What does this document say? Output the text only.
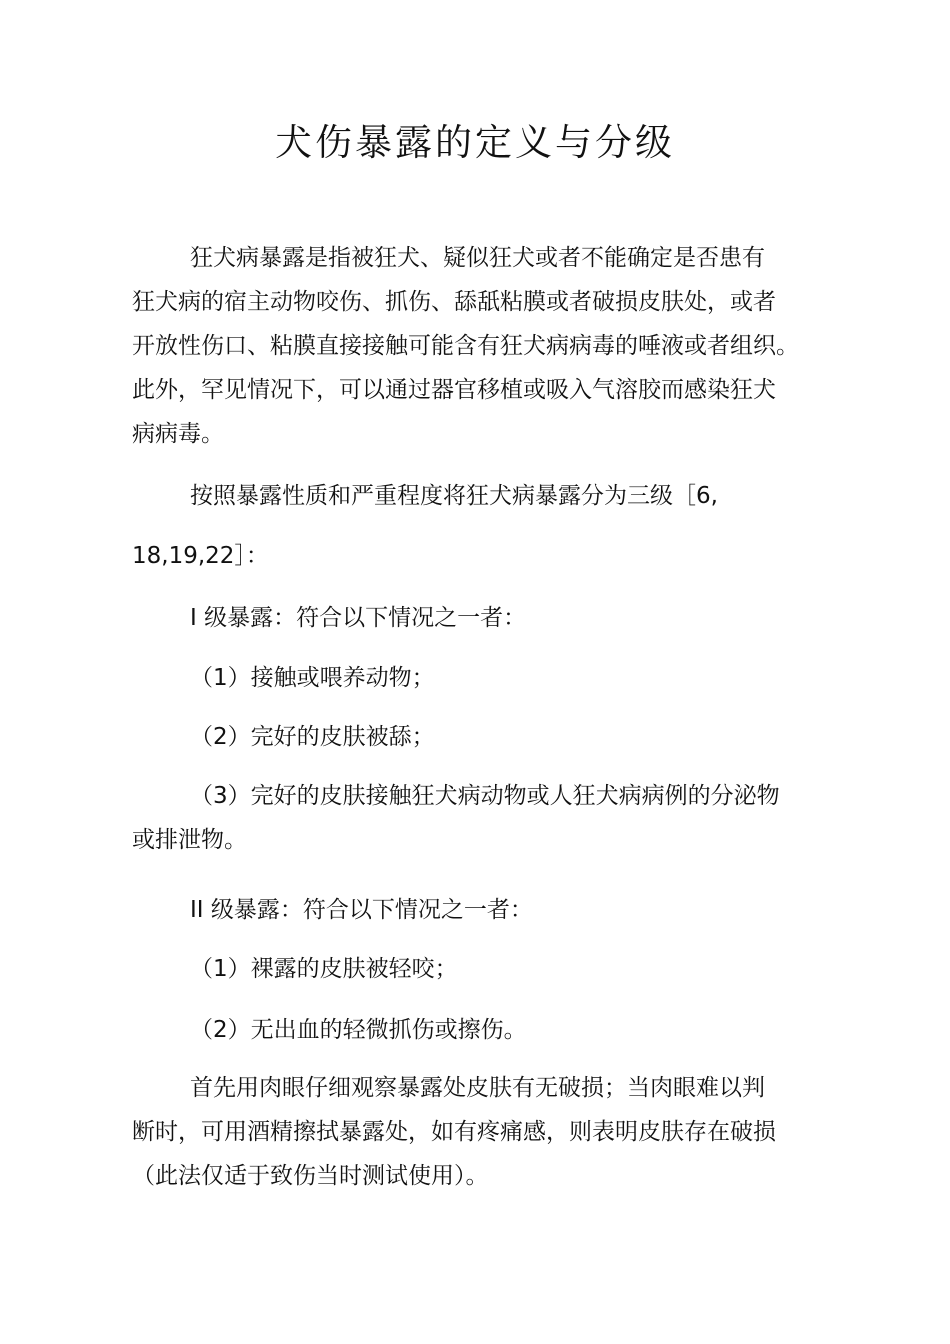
犬伤暴露的定义与分级
狂犬病暴露是指被狂犬、疑似狂犬或者不能确定是否患有
狂犬病的宿主动物咬伤、抓伤、舔舐粘膜或者破损皮肤处，或者
开放性伤口、粘膜直接接触可能含有狂犬病病毒的唾液或者组织。
此外，罕见情况下，可以通过器官移植或吸入气溶胶而感染狂犬
病病毒。
按照暴露性质和严重程度将狂犬病暴露分为三级［6,
18,19,22］：
I 级暴露：符合以下情况之一者：
（1）接触或喂养动物；
（2）完好的皮肤被舔；
（3）完好的皮肤接触狂犬病动物或人狂犬病病例的分泌物
或排泄物。
II 级暴露：符合以下情况之一者：
（1）裸露的皮肤被轻咬；
（2）无出血的轻微抓伤或擦伤。
首先用肉眼仔细观察暴露处皮肤有无破损；当肉眼难以判
断时，可用酒精擦拭暴露处，如有疼痛感，则表明皮肤存在破损
（此法仅适于致伤当时测试使用）。
